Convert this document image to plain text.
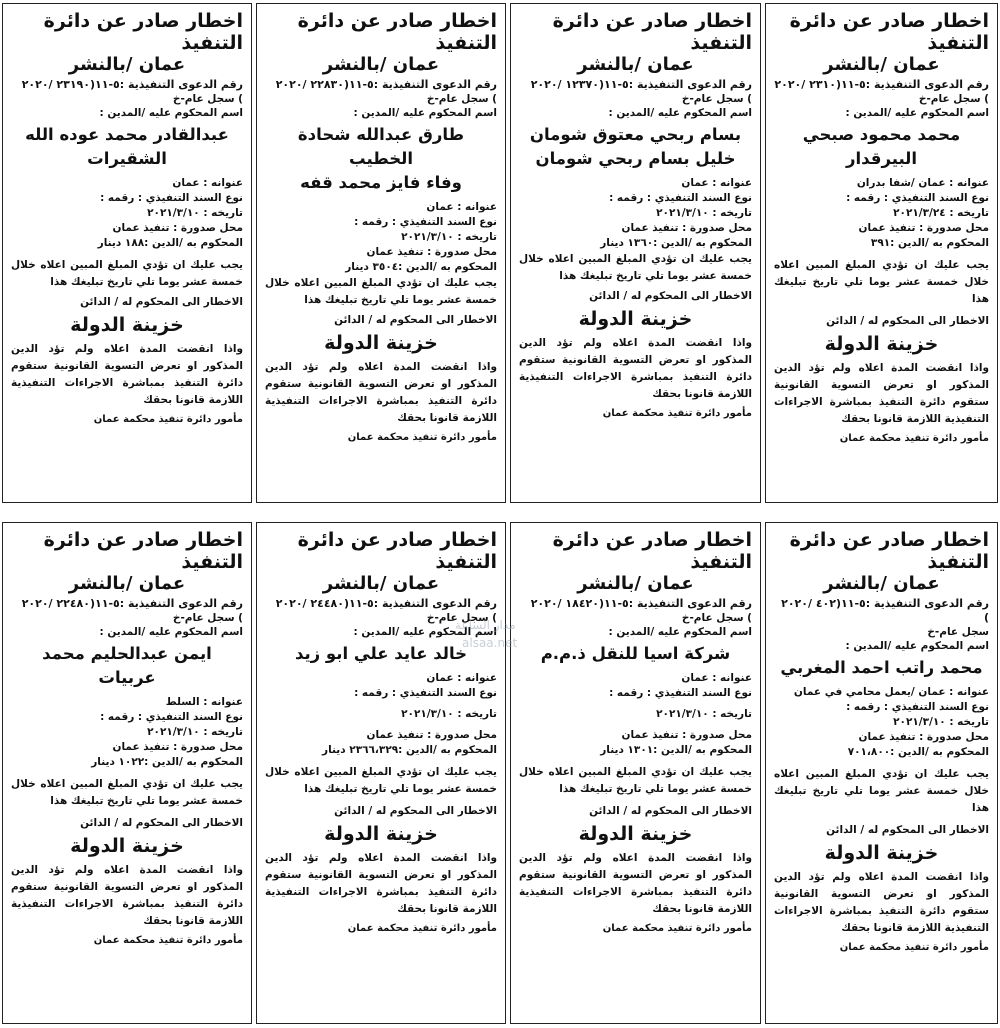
اخطار صادر عن دائرة التنفيذ
عمان /بالنشر
رقم الدعوى التنفيذية :٥-١١(٢٣١٠ /٢٠٢٠
) سجل عام-خ
اسم المحكوم عليه /المدين :
محمد محمود صبحي البيرقدار
عنوانه : عمان /شفا بدران
نوع السند التنفيذي : رقمه :
تاريخه : ٢٠٢١/٣/٢٤
محل صدورة : تنفيذ عمان
المحكوم به /الدين :٣٩١
يجب عليك ان تؤدي المبلغ المبين اعلاه خلال خمسة عشر يوما تلي تاريخ تبليغك هذا
الاخطار الى المحكوم له / الدائن
خزينة الدولة
واذا انقضت المدة اعلاه ولم تؤد الدين المذكور او تعرض التسوية القانونية ستقوم دائرة التنفيذ بمباشرة الاجراءات التنفيذية اللازمة قانونا بحقك
مأمور دائرة تنفيذ محكمة عمان
اخطار صادر عن دائرة التنفيذ
عمان /بالنشر
رقم الدعوى التنفيذية :٥-١١(١٢٣٧٠ /٢٠٢٠
) سجل عام-خ
اسم المحكوم عليه /المدين :
بسام ربحي معتوق شومان
خليل بسام ربحي شومان
عنوانه : عمان
نوع السند التنفيذي : رقمه :
تاريخه : ٢٠٢١/٣/١٠
محل صدورة : تنفيذ عمان
المحكوم به /الدين :١٣٦٠ دينار
يجب عليك ان تؤدي المبلغ المبين اعلاه خلال خمسة عشر يوما تلي تاريخ تبليغك هذا
الاخطار الى المحكوم له / الدائن
خزينة الدولة
واذا انقضت المدة اعلاه ولم تؤد الدين المذكور او تعرض التسوية القانونية ستقوم دائرة التنفيذ بمباشرة الاجراءات التنفيذية اللازمة قانونا بحقك
مأمور دائرة تنفيذ محكمة عمان
اخطار صادر عن دائرة التنفيذ
عمان /بالنشر
رقم الدعوى التنفيذية :٥-١١(٢٢٨٣٠ /٢٠٢٠
) سجل عام-خ
اسم المحكوم عليه /المدين :
طارق عبدالله شحادة الخطيب
وفاء فايز محمد قفه
عنوانه : عمان
نوع السند التنفيذي : رقمه :
تاريخه : ٢٠٢١/٣/١٠
محل صدورة : تنفيذ عمان
المحكوم به /الدين :٣٥٠٤ دينار
يجب عليك ان تؤدي المبلغ المبين اعلاه خلال خمسة عشر يوما تلي تاريخ تبليغك هذا
الاخطار الى المحكوم له / الدائن
خزينة الدولة
واذا انقضت المدة اعلاه ولم تؤد الدين المذكور او تعرض التسوية القانونية ستقوم دائرة التنفيذ بمباشرة الاجراءات التنفيذية اللازمة قانونا بحقك
مأمور دائرة تنفيذ محكمة عمان
اخطار صادر عن دائرة التنفيذ
عمان /بالنشر
رقم الدعوى التنفيذية :٥-١١(٢٣١٩٠ /٢٠٢٠
) سجل عام-خ
اسم المحكوم عليه /المدين :
عبدالقادر محمد عوده الله
الشقيرات
عنوانه : عمان
نوع السند التنفيذي : رقمه :
تاريخه : ٢٠٢١/٣/١٠
محل صدورة : تنفيذ عمان
المحكوم به /الدين :١٨٨ دينار
يجب عليك ان تؤدي المبلغ المبين اعلاه خلال خمسة عشر يوما تلي تاريخ تبليغك هذا
الاخطار الى المحكوم له / الدائن
خزينة الدولة
واذا انقضت المدة اعلاه ولم تؤد الدين المذكور او تعرض التسوية القانونية ستقوم دائرة التنفيذ بمباشرة الاجراءات التنفيذية اللازمة قانونا بحقك
مأمور دائرة تنفيذ محكمة عمان
اخطار صادر عن دائرة التنفيذ
عمان /بالنشر
رقم الدعوى التنفيذية :٥-١١(٤٠٢ /٢٠٢٠ )
سجل عام-خ
اسم المحكوم عليه /المدين :
محمد راتب احمد المغربي
عنوانه : عمان /يعمل محامي في عمان
نوع السند التنفيذي : رقمه :
تاريخه : ٢٠٢١/٣/١٠
محل صدورة : تنفيذ عمان
المحكوم به /الدين :٧٠١،٨٠٠
يجب عليك ان تؤدي المبلغ المبين اعلاه خلال خمسة عشر يوما تلي تاريخ تبليغك هذا
الاخطار الى المحكوم له / الدائن
خزينة الدولة
واذا انقضت المدة اعلاه ولم تؤد الدين المذكور او تعرض التسوية القانونية ستقوم دائرة التنفيذ بمباشرة الاجراءات التنفيذية اللازمة قانونا بحقك
مأمور دائرة تنفيذ محكمة عمان
اخطار صادر عن دائرة التنفيذ
عمان /بالنشر
رقم الدعوى التنفيذية :٥-١١(١٨٤٢٠ /٢٠٢٠
) سجل عام-خ
اسم المحكوم عليه /المدين :
شركة اسيا للنقل ذ.م.م
عنوانه : عمان
نوع السند التنفيذي : رقمه :
تاريخه : ٢٠٢١/٣/١٠
محل صدورة : تنفيذ عمان
المحكوم به /الدين :١٣٠١ دينار
يجب عليك ان تؤدي المبلغ المبين اعلاه خلال خمسة عشر يوما تلي تاريخ تبليغك هذا
الاخطار الى المحكوم له / الدائن
خزينة الدولة
واذا انقضت المدة اعلاه ولم تؤد الدين المذكور او تعرض التسوية القانونية ستقوم دائرة التنفيذ بمباشرة الاجراءات التنفيذية اللازمة قانونا بحقك
مأمور دائرة تنفيذ محكمة عمان
اخطار صادر عن دائرة التنفيذ
عمان /بالنشر
رقم الدعوى التنفيذية :٥-١١(٢٤٤٨٠ /٢٠٢٠
) سجل عام-خ
اسم المحكوم عليه /المدين :
خالد عايد علي ابو زيد
عنوانه : عمان
نوع السند التنفيذي : رقمه :
تاريخه : ٢٠٢١/٣/١٠
محل صدورة : تنفيذ عمان
المحكوم به /الدين :٢٣٦٦،٣٢٩ دينار
يجب عليك ان تؤدي المبلغ المبين اعلاه خلال خمسة عشر يوما تلي تاريخ تبليغك هذا
الاخطار الى المحكوم له / الدائن
خزينة الدولة
واذا انقضت المدة اعلاه ولم تؤد الدين المذكور او تعرض التسوية القانونية ستقوم دائرة التنفيذ بمباشرة الاجراءات التنفيذية اللازمة قانونا بحقك
مأمور دائرة تنفيذ محكمة عمان
اخطار صادر عن دائرة التنفيذ
عمان /بالنشر
رقم الدعوى التنفيذية :٥-١١(٢٢٤٨٠ /٢٠٢٠
) سجل عام-خ
اسم المحكوم عليه /المدين :
ايمن عبدالحليم محمد عربيات
عنوانه : السلط
نوع السند التنفيذي : رقمه :
تاريخه : ٢٠٢١/٣/١٠
محل صدورة : تنفيذ عمان
المحكوم به /الدين :١٠٢٢ دينار
يجب عليك ان تؤدي المبلغ المبين اعلاه خلال خمسة عشر يوما تلي تاريخ تبليغك هذا
الاخطار الى المحكوم له / الدائن
خزينة الدولة
واذا انقضت المدة اعلاه ولم تؤد الدين المذكور او تعرض التسوية القانونية ستقوم دائرة التنفيذ بمباشرة الاجراءات التنفيذية اللازمة قانونا بحقك
مأمور دائرة تنفيذ محكمة عمان
مدار الساعة
alsaa.net
